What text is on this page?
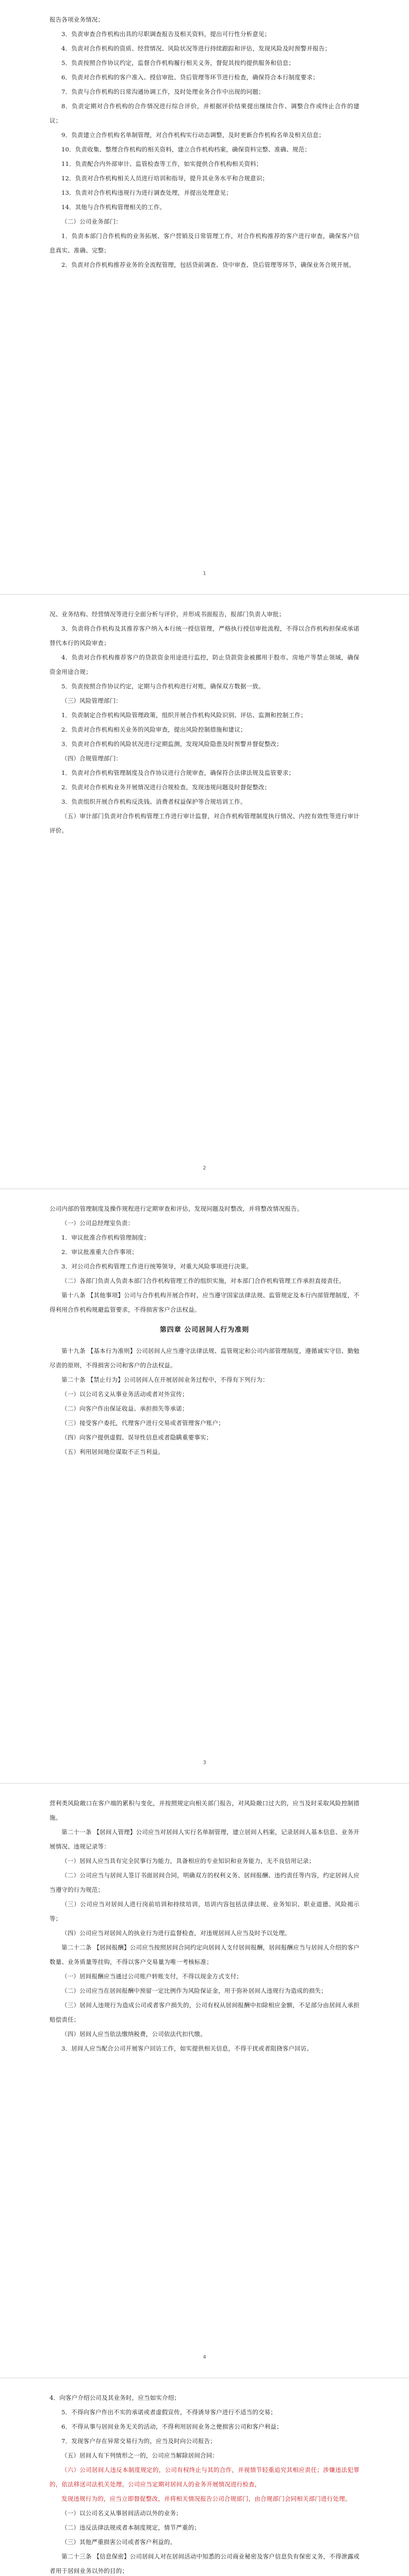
报告各项业务情况；

3．负责审查合作机构出具的尽职调查报告及相关资料，提出可行性分析意见；

4．负责对合作机构的资质、经营情况、风险状况等进行持续跟踪和评估，发现风险及时预警并报告；

5．负责按照合作协议约定，监督合作机构履行相关义务，督促其按约提供服务和信息；

6．负责对合作机构的客户准入、授信审批、贷后管理等环节进行检查，确保符合本行制度要求；

7．负责与合作机构的日常沟通协调工作，及时处理业务合作中出现的问题；

8．负责定期对合作机构的合作情况进行综合评价，并根据评价结果提出继续合作、调整合作或终止合作的建议；

9．负责建立合作机构名单制管理，对合作机构实行动态调整，及时更新合作机构名单及相关信息；

10．负责收集、整理合作机构的相关资料，建立合作机构档案，确保资料完整、准确、规范；

11．负责配合内外部审计、监管检查等工作，如实提供合作机构相关资料；

12．负责对合作机构相关人员进行培训和指导，提升其业务水平和合规意识；

13．负责对合作机构违规行为进行调查处理，并提出处理意见；

14．其他与合作机构管理相关的工作。

（二）公司业务部门：

1．负责本部门合作机构的业务拓展、客户营销及日常管理工作，对合作机构推荐的客户进行审查，确保客户信息真实、准确、完整；

2．负责对合作机构推荐业务的全流程管理，包括贷前调查、贷中审查、贷后管理等环节，确保业务合规开展。

1

况、业务结构、经营情况等进行全面分析与评价，并形成书面报告，报部门负责人审批；

3．负责将合作机构及其推荐客户纳入本行统一授信管理，严格执行授信审批流程，不得以合作机构担保或承诺替代本行的风险审查；

4．负责对合作机构推荐客户的贷款资金用途进行监控，防止贷款资金被挪用于股市、房地产等禁止领域，确保资金用途合规；

5．负责按照合作协议约定，定期与合作机构进行对账，确保双方数据一致。

（三）风险管理部门：

1．负责制定合作机构风险管理政策，组织开展合作机构风险识别、评估、监测和控制工作；

2．负责对合作机构相关业务的风险审查，提出风险控制措施和建议；

3．负责对合作机构的风险状况进行定期监测，发现风险隐患及时预警并督促整改；

（四）合规管理部门：

1．负责对合作机构管理制度及合作协议进行合规审查，确保符合法律法规及监管要求；

2．负责对合作机构业务开展情况进行合规检查，发现违规问题及时督促整改；

3．负责组织开展合作机构反洗钱、消费者权益保护等合规培训工作。

（五）审计部门负责对合作机构管理工作进行审计监督，对合作机构管理制度执行情况、内控有效性等进行审计评价。

2

公司内部的管理制度及操作规程进行定期审查和评估，发现问题及时整改，并将整改情况报告。

（一）公司总经理室负责：

1．审议批准合作机构管理制度；

2．审议批准重大合作事项；

3．对公司合作机构管理工作进行统筹领导，对重大风险事项进行决策。

（二）各部门负责人负责本部门合作机构管理工作的组织实施，对本部门合作机构管理工作承担直接责任。

第十八条 【其他事项】公司与合作机构开展合作时，应当遵守国家法律法规、监管规定及本行内部管理制度，不得利用合作机构规避监管要求，不得损害客户合法权益。

第四章 公司居间人行为准则

第十九条 【基本行为准则】公司居间人应当遵守法律法规、监管规定和公司内部管理制度，遵循诚实守信、勤勉尽责的原则，不得损害公司和客户的合法权益。

第二十条 【禁止行为】公司居间人在开展居间业务过程中，不得有下列行为：

（一）以公司名义从事业务活动或者对外宣传；

（二）向客户作出保证收益、承担损失等承诺；

（三）接受客户委托，代理客户进行交易或者管理客户账户；

（四）向客户提供虚假、误导性信息或者隐瞒重要事实；

（五）利用居间地位谋取不正当利益。

3

营利类风险敞口在客户端的累积与变化，并按照规定向相关部门报告，对风险敞口过大的，应当及时采取风险控制措施。

第二十一条 【居间人管理】公司应当对居间人实行名单制管理，建立居间人档案，记录居间人基本信息、业务开展情况、违规记录等：

（一）居间人应当具有完全民事行为能力，具备相应的专业知识和业务能力，无不良信用记录；

（二）公司应当与居间人签订书面居间合同，明确双方的权利义务、居间报酬、违约责任等内容，约定居间人应当遵守的行为规范；

（三）公司应当对居间人进行岗前培训和持续培训，培训内容包括法律法规、业务知识、职业道德、风险揭示等；

（四）公司应当对居间人的执业行为进行监督检查，对违规居间人应当及时予以处理。

第二十二条 【居间报酬】公司应当按照居间合同约定向居间人支付居间报酬，居间报酬应当与居间人介绍的客户数量、业务质量等挂钩，不得以客户交易量为唯一考核标准；

（一）居间报酬应当通过公司账户转账支付，不得以现金方式支付；

（二）公司应当在居间报酬中预留一定比例作为风险保证金，用于弥补居间人违规行为造成的损失；

（三）居间人违规行为造成公司或者客户损失的，公司有权从居间报酬中扣除相应金额，不足部分由居间人承担赔偿责任；

（四）居间人应当依法缴纳税费，公司依法代扣代缴。

3．居间人应当配合公司开展客户回访工作，如实提供相关信息，不得干扰或者阻挠客户回访。

4

4．向客户介绍公司及其业务时，应当如实介绍；

5．不得向客户作出不实的承诺或者虚假宣传，不得诱导客户进行不适当的交易；

6．不得从事与居间业务无关的活动，不得利用居间业务之便损害公司和客户利益；

7．发现客户存在异常交易行为的，应当及时向公司报告；

（五）居间人有下列情形之一的，公司应当解除居间合同：

（六）公司居间人违反本制度规定的，公司有权终止与其的合作，并视情节轻重追究其相应责任；涉嫌违法犯罪的，依法移送司法机关处理。公司应当定期对居间人的业务开展情况进行检查，

发现违规行为的，应当立即督促整改，并将相关情况报告公司合规部门，由合规部门会同相关部门进行处理。

（一）以公司名义从事居间活动以外的业务；

（二）违反法律法规或者本制度规定，情节严重的；

（三）其他严重损害公司或者客户利益的。

第二十三条 【信息保密】公司居间人对在居间活动中知悉的公司商业秘密及客户信息负有保密义务，不得泄露或者用于居间业务以外的目的；
